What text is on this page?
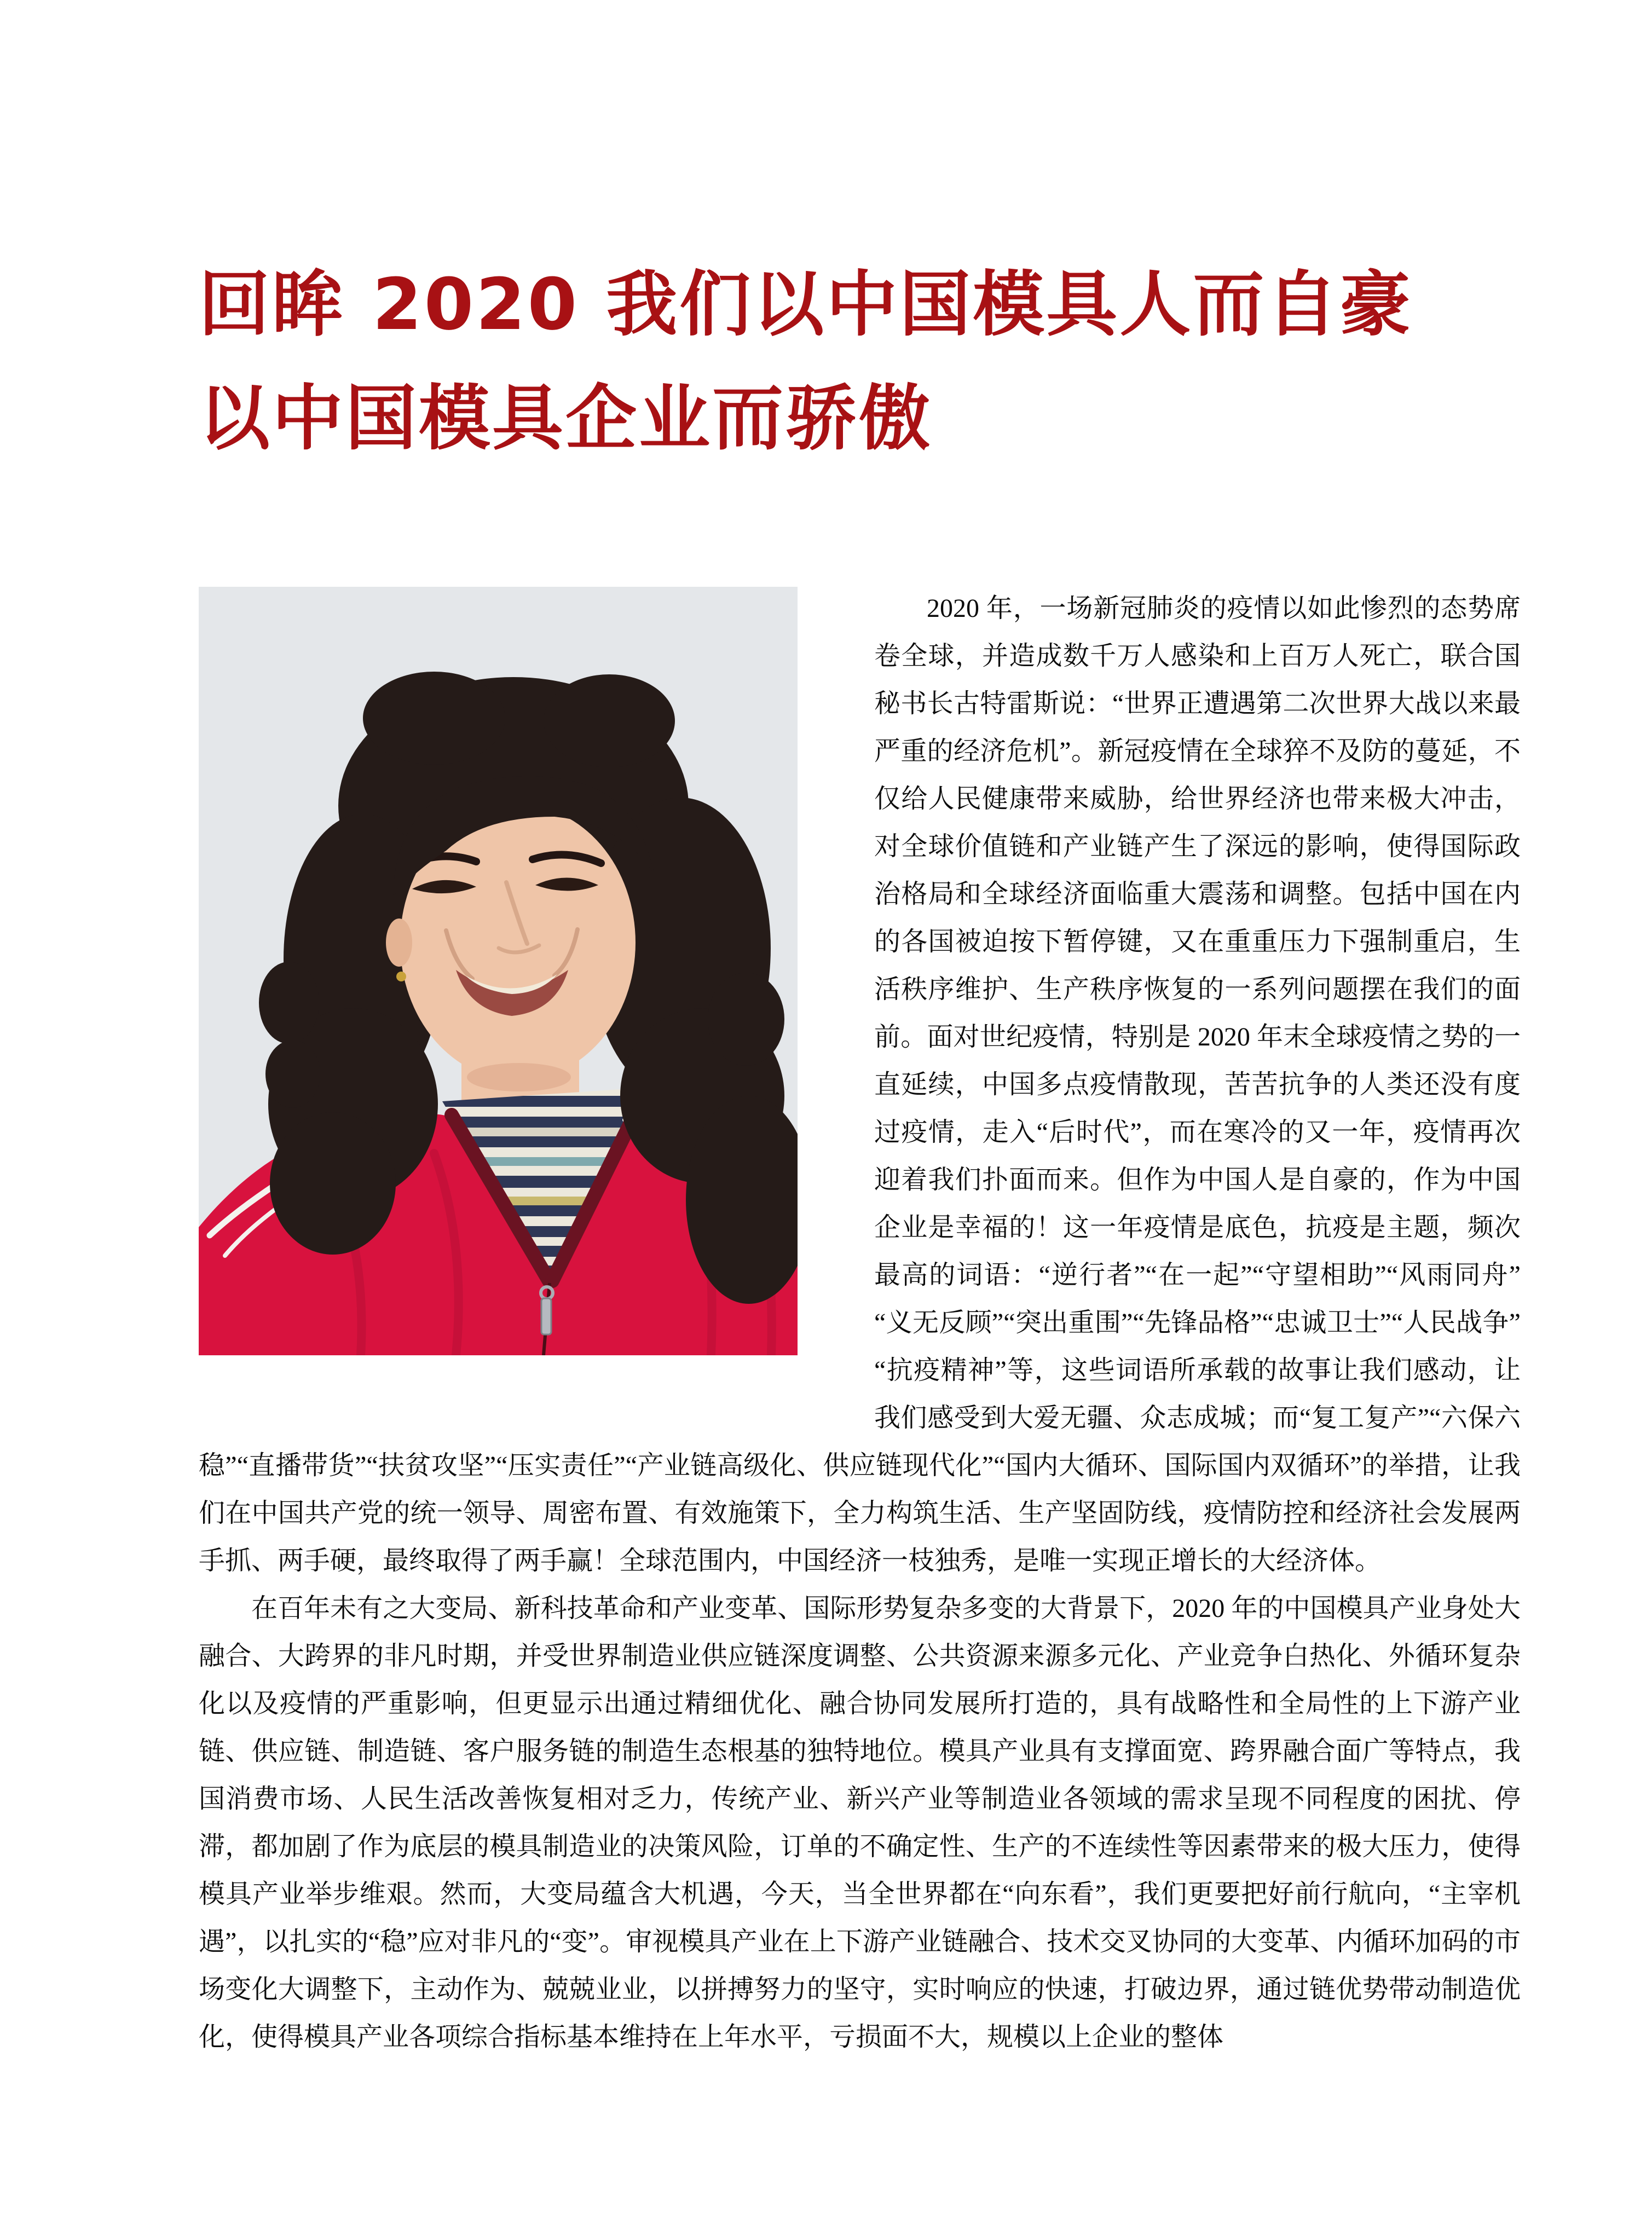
回眸 2020 我们以中国模具人而自豪
以中国模具企业而骄傲

2020 年，一场新冠肺炎的疫情以如此惨烈的态势席卷全球，并造成数千万人感染和上百万人死亡，联合国秘书长古特雷斯说：“世界正遭遇第二次世界大战以来最严重的经济危机”。新冠疫情在全球猝不及防的蔓延，不仅给人民健康带来威胁，给世界经济也带来极大冲击，对全球价值链和产业链产生了深远的影响，使得国际政治格局和全球经济面临重大震荡和调整。包括中国在内的各国被迫按下暂停键，又在重重压力下强制重启，生活秩序维护、生产秩序恢复的一系列问题摆在我们的面前。面对世纪疫情，特别是 2020 年末全球疫情之势的一直延续，中国多点疫情散现，苦苦抗争的人类还没有度过疫情，走入“后时代”，而在寒冷的又一年，疫情再次迎着我们扑面而来。但作为中国人是自豪的，作为中国企业是幸福的！这一年疫情是底色，抗疫是主题，频次最高的词语：“逆行者”“在一起”“守望相助”“风雨同舟”“义无反顾”“突出重围”“先锋品格”“忠诚卫士”“人民战争”“抗疫精神”等，这些词语所承载的故事让我们感动，让我们感受到大爱无疆、众志成城；而“复工复产”“六保六稳”“直播带货”“扶贫攻坚”“压实责任”“产业链高级化、供应链现代化”“国内大循环、国际国内双循环”的举措，让我们在中国共产党的统一领导、周密布置、有效施策下，全力构筑生活、生产坚固防线，疫情防控和经济社会发展两手抓、两手硬，最终取得了两手赢！全球范围内，中国经济一枝独秀，是唯一实现正增长的大经济体。

在百年未有之大变局、新科技革命和产业变革、国际形势复杂多变的大背景下，2020 年的中国模具产业身处大融合、大跨界的非凡时期，并受世界制造业供应链深度调整、公共资源来源多元化、产业竞争白热化、外循环复杂化以及疫情的严重影响，但更显示出通过精细优化、融合协同发展所打造的，具有战略性和全局性的上下游产业链、供应链、制造链、客户服务链的制造生态根基的独特地位。模具产业具有支撑面宽、跨界融合面广等特点，我国消费市场、人民生活改善恢复相对乏力，传统产业、新兴产业等制造业各领域的需求呈现不同程度的困扰、停滞，都加剧了作为底层的模具制造业的决策风险，订单的不确定性、生产的不连续性等因素带来的极大压力，使得模具产业举步维艰。然而，大变局蕴含大机遇，今天，当全世界都在“向东看”，我们更要把好前行航向，“主宰机遇”，以扎实的“稳”应对非凡的“变”。审视模具产业在上下游产业链融合、技术交叉协同的大变革、内循环加码的市场变化大调整下，主动作为、兢兢业业，以拼搏努力的坚守，实时响应的快速，打破边界，通过链优势带动制造优化，使得模具产业各项综合指标基本维持在上年水平，亏损面不大，规模以上企业的整体
